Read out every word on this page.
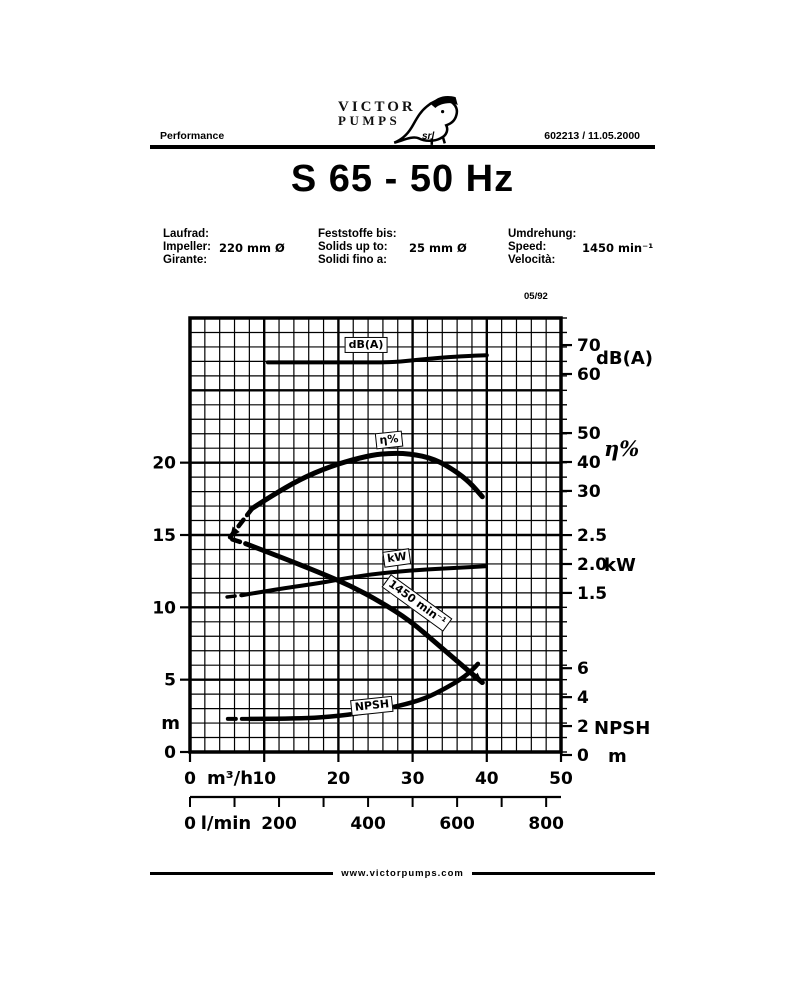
VICTOR
PUMPS
srl
Performance	602213 / 11.05.2000
S 65 - 50 Hz
Laufrad:
Impeller:
Girante:
220 mm Ø
Feststoffe bis:
Solids up to:
Solidi fino a:
25 mm Ø
Umdrehung:
Speed:
Velocità:
1450 min⁻¹
05/92
20
15
10
5
0
m
70
60
dB(A)
50
40
30
η%
2.5
2.0
1.5
kW
6
4
2
0
NPSH
m
0	10	20	30	40	50
m³/h
0	200	400	600	800
l/min
dB(A)
η%
kW
1450 min⁻¹
NPSH
www.victorpumps.com
